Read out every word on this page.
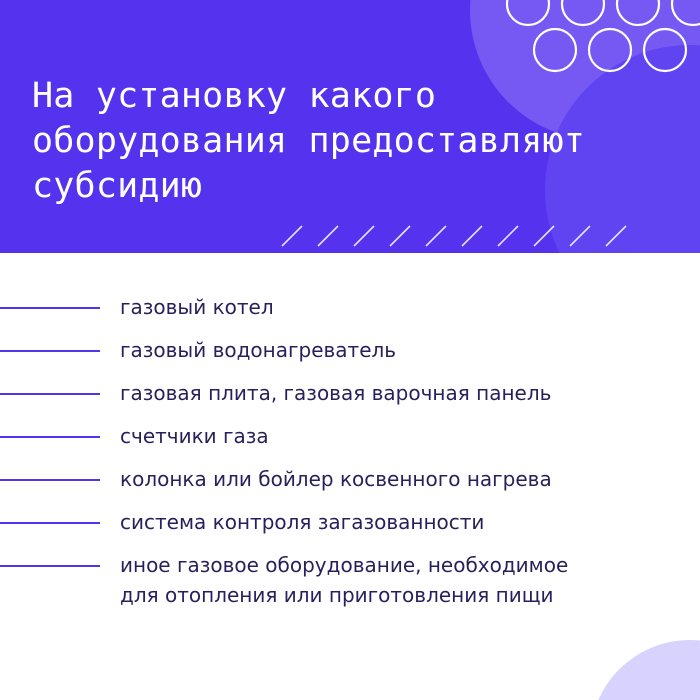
На установку какого
оборудования предоставляют
субсидию
газовый котел
газовый водонагреватель
газовая плита, газовая варочная панель
счетчики газа
колонка или бойлер косвенного нагрева
система контроля загазованности
иное газовое оборудование, необходимое
для отопления или приготовления пищи
